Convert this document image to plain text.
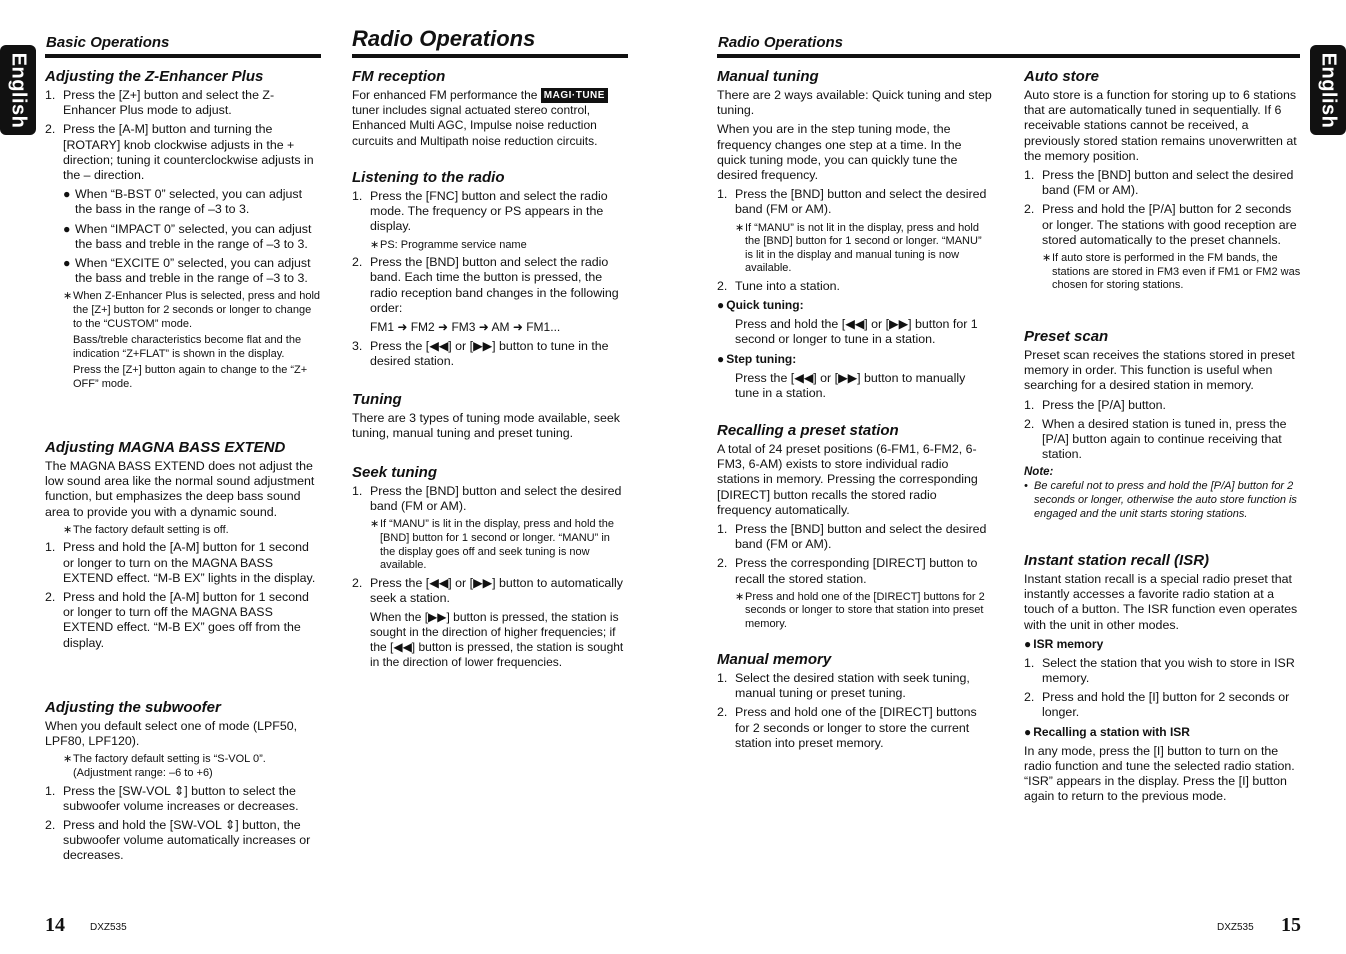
English	English
Basic Operations	Radio Operations	Radio Operations
Adjusting the Z-Enhancer Plus
1. Press the [Z+] button and select the Z-Enhancer Plus mode to adjust.
2. Press the [A-M] button and turning the [ROTARY] knob clockwise adjusts in the + direction; tuning it counterclockwise adjusts in the – direction.
● When “B-BST 0” selected, you can adjust the bass in the range of –3 to 3.
● When “IMPACT 0” selected, you can adjust the bass and treble in the range of –3 to 3.
● When “EXCITE 0” selected, you can adjust the bass and treble in the range of –3 to 3.
∗ When Z-Enhancer Plus is selected, press and hold the [Z+] button for 2 seconds or longer to change to the “CUSTOM” mode.
Bass/treble characteristics become flat and the indication “Z+FLAT” is shown in the display.
Press the [Z+] button again to change to the “Z+ OFF” mode.
Adjusting MAGNA BASS EXTEND

The MAGNA BASS EXTEND does not adjust the low sound area like the normal sound adjustment function, but emphasizes the deep bass sound area to provide you with a dynamic sound.

∗ The factory default setting is off.
1. Press and hold the [A-M] button for 1 second or longer to turn on the MAGNA BASS EXTEND effect. “M-B EX” lights in the display.
2. Press and hold the [A-M] button for 1 second or longer to turn off the MAGNA BASS EXTEND effect. “M-B EX” goes off from the display.
Adjusting the subwoofer

When you default select one of mode (LPF50, LPF80, LPF120).

∗ The factory default setting is “S-VOL 0”. (Adjustment range: –6 to +6)
1. Press the [SW-VOL ⇕] button to select the subwoofer volume increases or decreases.
2. Press and hold the [SW-VOL ⇕] button, the subwoofer volume automatically increases or decreases.
FM reception

For enhanced FM performance the MAGI·TUNE tuner includes signal actuated stereo control, Enhanced Multi AGC, Impulse noise reduction curcuits and Multipath noise reduction circuits.

Listening to the radio
1. Press the [FNC] button and select the radio mode. The frequency or PS appears in the display.
∗ PS: Programme service name
2. Press the [BND] button and select the radio band. Each time the button is pressed, the radio reception band changes in the following order:
FM1 ➜ FM2 ➜ FM3 ➜ AM ➜ FM1...
3. Press the [◀◀] or [▶▶] button to tune in the desired station.
Tuning

There are 3 types of tuning mode available, seek tuning, manual tuning and preset tuning.

Seek tuning
1. Press the [BND] button and select the desired band (FM or AM).
∗ If “MANU” is lit in the display, press and hold the [BND] button for 1 second or longer. “MANU” in the display goes off and seek tuning is now available.
2. Press the [◀◀] or [▶▶] button to automatically seek a station.
When the [▶▶] button is pressed, the station is sought in the direction of higher frequencies; if the [◀◀] button is pressed, the station is sought in the direction of lower frequencies.
Manual tuning

There are 2 ways available: Quick tuning and step tuning.

When you are in the step tuning mode, the frequency changes one step at a time. In the quick tuning mode, you can quickly tune the desired frequency.

1. Press the [BND] button and select the desired band (FM or AM).
∗ If “MANU” is not lit in the display, press and hold the [BND] button for 1 second or longer. “MANU” is lit in the display and manual tuning is now available.
2. Tune into a station.
● Quick tuning:
Press and hold the [◀◀] or [▶▶] button for 1 second or longer to tune in a station.
● Step tuning:
Press the [◀◀] or [▶▶] button to manually tune in a station.
Recalling a preset station

A total of 24 preset positions (6-FM1, 6-FM2, 6-FM3, 6-AM) exists to store individual radio stations in memory. Pressing the corresponding [DIRECT] button recalls the stored radio frequency automatically.

1. Press the [BND] button and select the desired band (FM or AM).
2. Press the corresponding [DIRECT] button to recall the stored station.
∗ Press and hold one of the [DIRECT] buttons for 2 seconds or longer to store that station into preset memory.
Manual memory
1. Select the desired station with seek tuning, manual tuning or preset tuning.
2. Press and hold one of the [DIRECT] buttons for 2 seconds or longer to store the current station into preset memory.
Auto store

Auto store is a function for storing up to 6 stations that are automatically tuned in sequentially. If 6 receivable stations cannot be received, a previously stored station remains unoverwritten at the memory position.

1. Press the [BND] button and select the desired band (FM or AM).
2. Press and hold the [P/A] button for 2 seconds or longer. The stations with good reception are stored automatically to the preset channels.
∗ If auto store is performed in the FM bands, the stations are stored in FM3 even if FM1 or FM2 was chosen for storing stations.
Preset scan

Preset scan receives the stations stored in preset memory in order. This function is useful when searching for a desired station in memory.

1. Press the [P/A] button.
2. When a desired station is tuned in, press the [P/A] button again to continue receiving that station.
Note:
• Be careful not to press and hold the [P/A] button for 2 seconds or longer, otherwise the auto store function is engaged and the unit starts storing stations.
Instant station recall (ISR)

Instant station recall is a special radio preset that instantly accesses a favorite radio station at a touch of a button. The ISR function even operates with the unit in other modes.

● ISR memory
1. Select the station that you wish to store in ISR memory.
2. Press and hold the [I] button for 2 seconds or longer.
● Recalling a station with ISR

In any mode, press the [I] button to turn on the radio function and tune the selected radio station. “ISR” appears in the display. Press the [I] button again to return to the previous mode.

14	DXZ535	DXZ535 15
